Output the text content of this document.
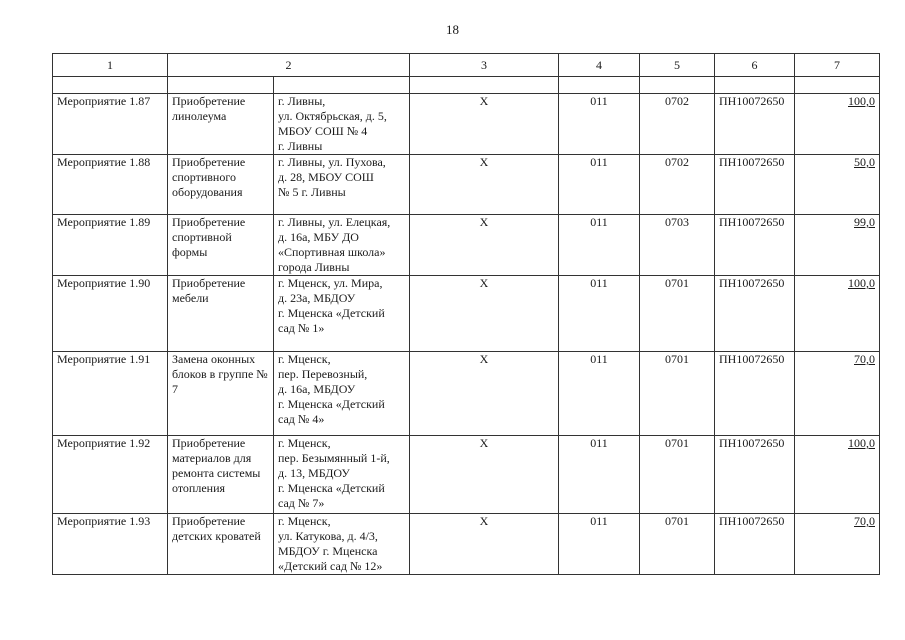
18
1	2		3	4	5	6	7

Мероприятие 1.87	Приобретение линолеума	г. Ливны,
ул. Октябрьская, д. 5,
МБОУ СОШ № 4
г. Ливны	X	011	0702	ПН10072650	100,0
Мероприятие 1.88	Приобретение спортивного оборудования	г. Ливны, ул. Пухова,
д. 28, МБОУ СОШ
№ 5 г. Ливны	X	011	0702	ПН10072650	50,0
Мероприятие 1.89	Приобретение спортивной формы	г. Ливны, ул. Елецкая,
д. 16а, МБУ ДО
«Спортивная школа»
города Ливны	X	011	0703	ПН10072650	99,0
Мероприятие 1.90	Приобретение мебели	г. Мценск, ул. Мира,
д. 23а, МБДОУ
г. Мценска «Детский
сад № 1»	X	011	0701	ПН10072650	100,0
Мероприятие 1.91	Замена оконных блоков в группе № 7	г. Мценск,
пер. Перевозный,
д. 16а, МБДОУ
г. Мценска «Детский
сад № 4»	X	011	0701	ПН10072650	70,0
Мероприятие 1.92	Приобретение материалов для ремонта системы отопления	г. Мценск,
пер. Безымянный 1-й,
д. 13, МБДОУ
г. Мценска «Детский
сад № 7»	X	011	0701	ПН10072650	100,0
Мероприятие 1.93	Приобретение детских кроватей	г. Мценск,
ул. Катукова, д. 4/3,
МБДОУ г. Мценска
«Детский сад № 12»	X	011	0701	ПН10072650	70,0
